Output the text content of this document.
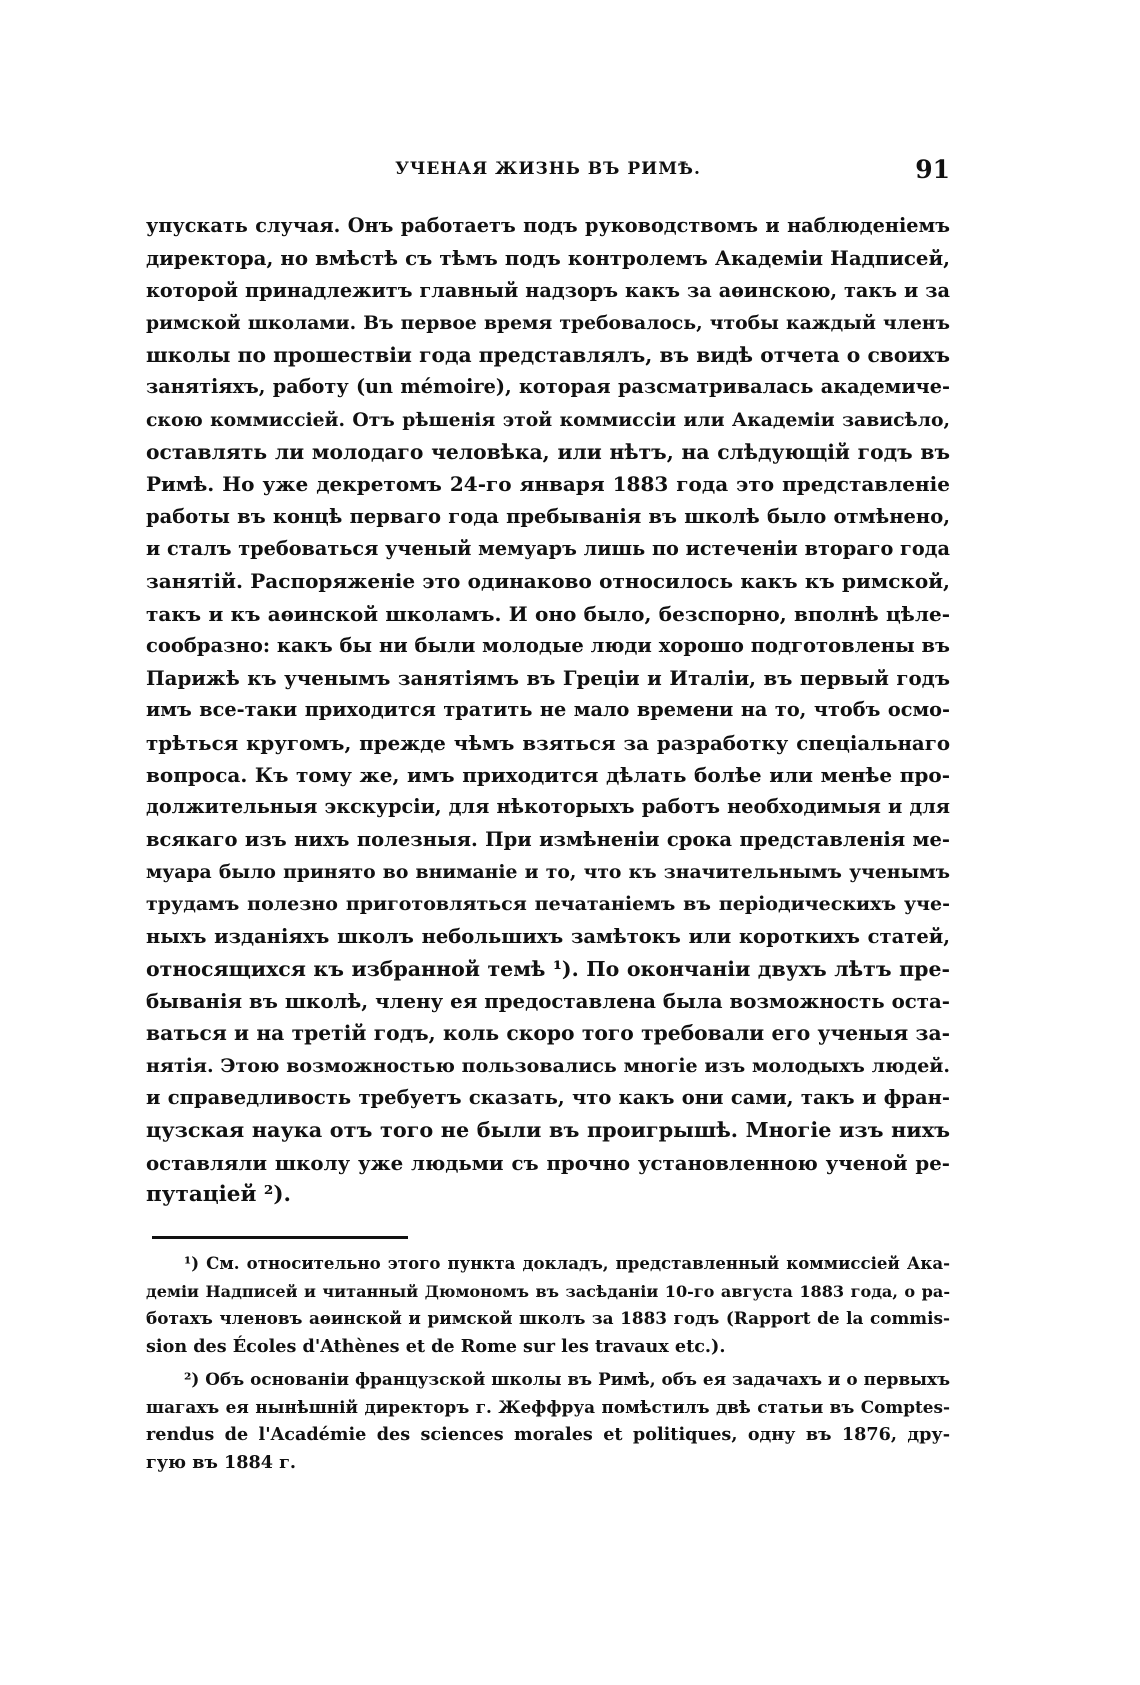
УЧЕНАЯ ЖИЗНЬ ВЪ РИМѢ.	91
упускать случая. Онъ работаетъ подъ руководствомъ и наблюденіемъ
директора, но вмѣстѣ съ тѣмъ подъ контролемъ Академіи Надписей,
которой принадлежитъ главный надзоръ какъ за аѳинскою, такъ и за
римской школами. Въ первое время требовалось, чтобы каждый членъ
школы по прошествіи года представлялъ, въ видѣ отчета о своихъ
занятіяхъ, работу (un mémoire), которая разсматривалась академиче-
скою коммиссіей. Отъ рѣшенія этой коммиссіи или Академіи зависѣло,
оставлять ли молодаго человѣка, или нѣтъ, на слѣдующій годъ въ
Римѣ. Но уже декретомъ 24-го января 1883 года это представленіе
работы въ концѣ перваго года пребыванія въ школѣ было отмѣнено,
и сталъ требоваться ученый мемуаръ лишь по истеченіи втораго года
занятій. Распоряженіе это одинаково относилось какъ къ римской,
такъ и къ аѳинской школамъ. И оно было, безспорно, вполнѣ цѣле-
сообразно: какъ бы ни были молодые люди хорошо подготовлены въ
Парижѣ къ ученымъ занятіямъ въ Греціи и Италіи, въ первый годъ
имъ все-таки приходится тратить не мало времени на то, чтобъ осмо-
трѣться кругомъ, прежде чѣмъ взяться за разработку спеціальнаго
вопроса. Къ тому же, имъ приходится дѣлать болѣе или менѣе про-
должительныя экскурсіи, для нѣкоторыхъ работъ необходимыя и для
всякаго изъ нихъ полезныя. При измѣненіи срока представленія ме-
муара было принято во вниманіе и то, что къ значительнымъ ученымъ
трудамъ полезно приготовляться печатаніемъ въ періодическихъ уче-
ныхъ изданіяхъ школъ небольшихъ замѣтокъ или короткихъ статей,
относящихся къ избранной темѣ ¹). По окончаніи двухъ лѣтъ пре-
быванія въ школѣ, члену ея предоставлена была возможность оста-
ваться и на третій годъ, коль скоро того требовали его ученыя за-
нятія. Этою возможностью пользовались многіе изъ молодыхъ людей.
и справедливость требуетъ сказать, что какъ они сами, такъ и фран-
цузская наука отъ того не были въ проигрышѣ. Многіе изъ нихъ
оставляли школу уже людьми съ прочно установленною ученой ре-
путаціей ²).
¹) См. относительно этого пункта докладъ, представленный коммиссіей Ака-
деміи Надписей и читанный Дюмономъ въ засѣданіи 10-го августа 1883 года, о ра-
ботахъ членовъ аѳинской и римской школъ за 1883 годъ (Rapport de la commis-
sion des Écoles d'Athènes et de Rome sur les travaux etc.).
²) Объ основаніи французской школы въ Римѣ, объ ея задачахъ и о первыхъ
шагахъ ея нынѣшній директоръ г. Жеффруа помѣстилъ двѣ статьи въ Comptes-
rendus de l'Académie des sciences morales et politiques, одну въ 1876, дру-
гую въ 1884 г.
